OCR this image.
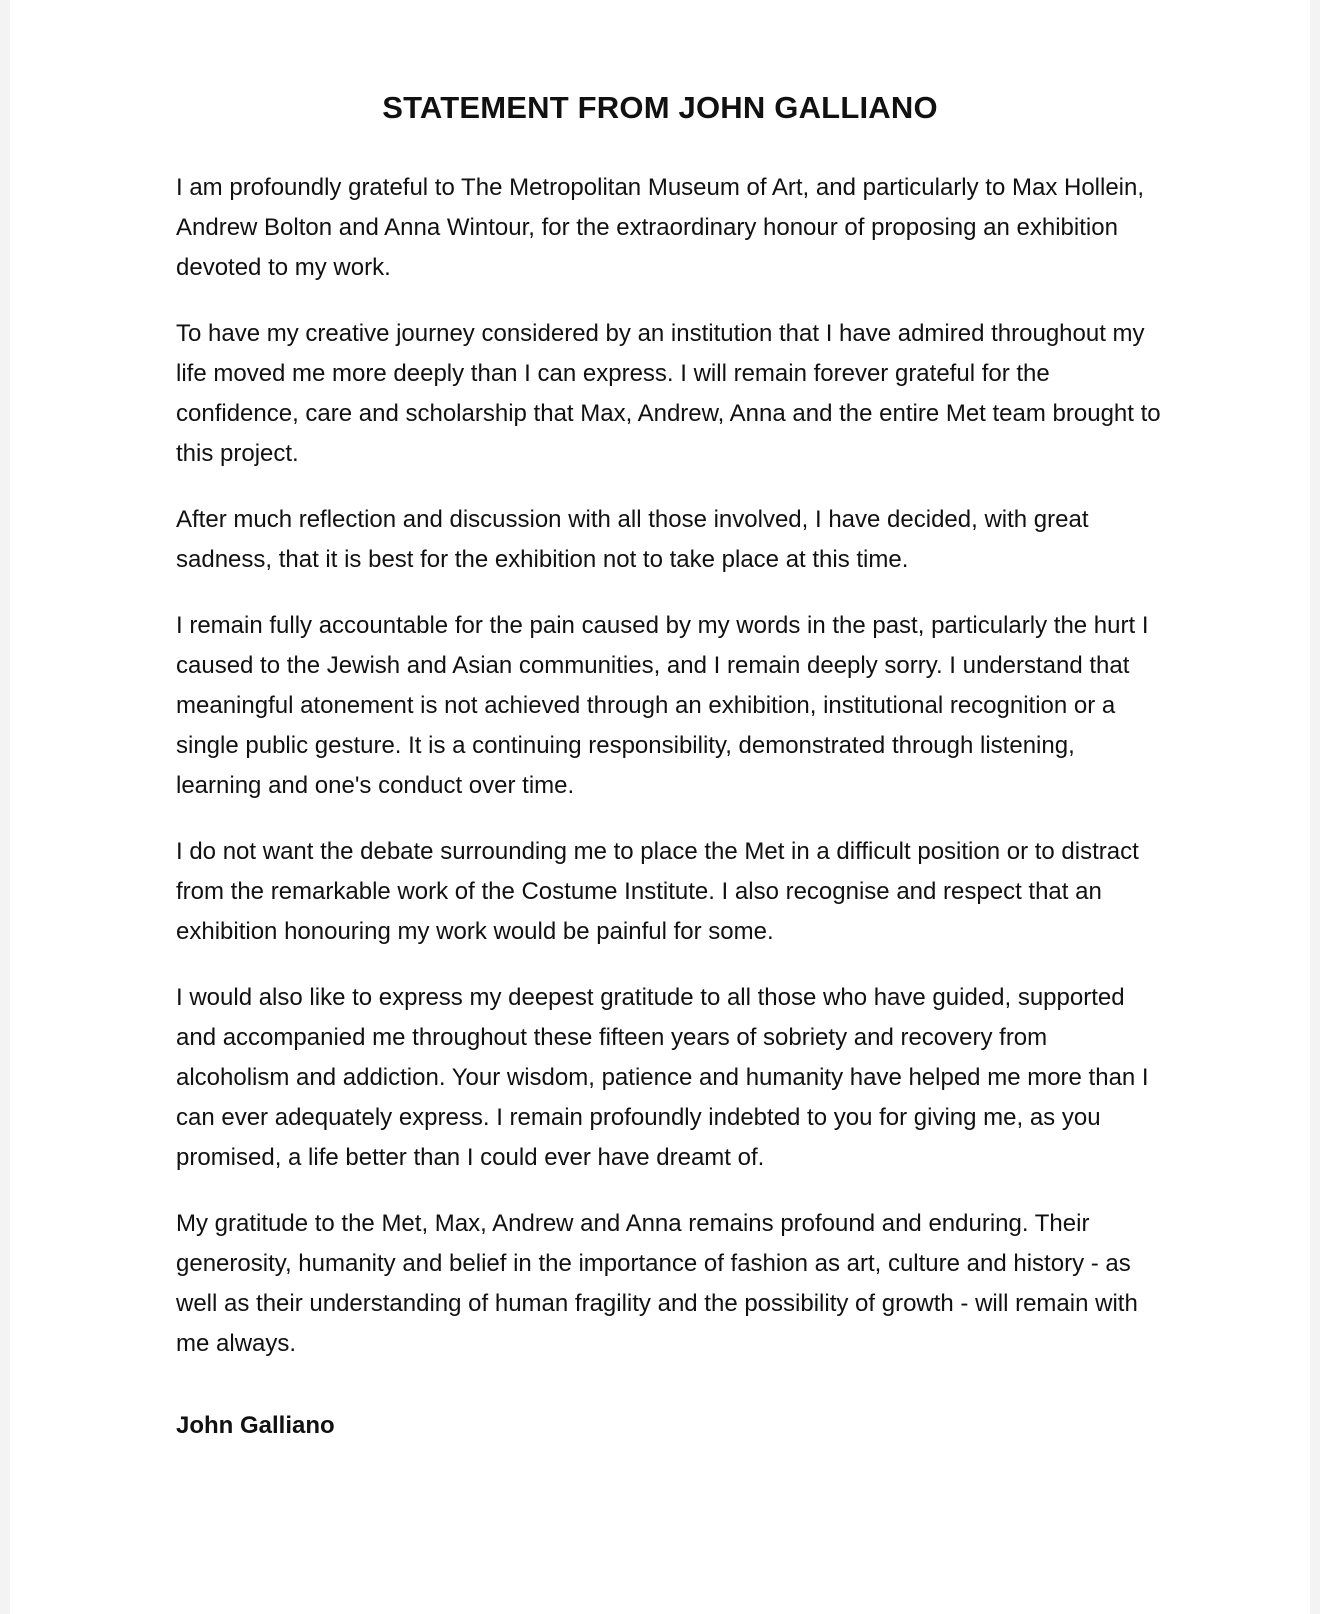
STATEMENT FROM JOHN GALLIANO

I am profoundly grateful to The Metropolitan Museum of Art, and particularly to Max Hollein, Andrew Bolton and Anna Wintour, for the extraordinary honour of proposing an exhibition devoted to my work.

To have my creative journey considered by an institution that I have admired throughout my life moved me more deeply than I can express. I will remain forever grateful for the confidence, care and scholarship that Max, Andrew, Anna and the entire Met team brought to this project.

After much reflection and discussion with all those involved, I have decided, with great sadness, that it is best for the exhibition not to take place at this time.

I remain fully accountable for the pain caused by my words in the past, particularly the hurt I caused to the Jewish and Asian communities, and I remain deeply sorry. I understand that meaningful atonement is not achieved through an exhibition, institutional recognition or a single public gesture. It is a continuing responsibility, demonstrated through listening, learning and one's conduct over time.

I do not want the debate surrounding me to place the Met in a difficult position or to distract from the remarkable work of the Costume Institute. I also recognise and respect that an exhibition honouring my work would be painful for some.

I would also like to express my deepest gratitude to all those who have guided, supported and accompanied me throughout these fifteen years of sobriety and recovery from alcoholism and addiction. Your wisdom, patience and humanity have helped me more than I can ever adequately express. I remain profoundly indebted to you for giving me, as you promised, a life better than I could ever have dreamt of.

My gratitude to the Met, Max, Andrew and Anna remains profound and enduring. Their generosity, humanity and belief in the importance of fashion as art, culture and history - as well as their understanding of human fragility and the possibility of growth - will remain with me always.

John Galliano
